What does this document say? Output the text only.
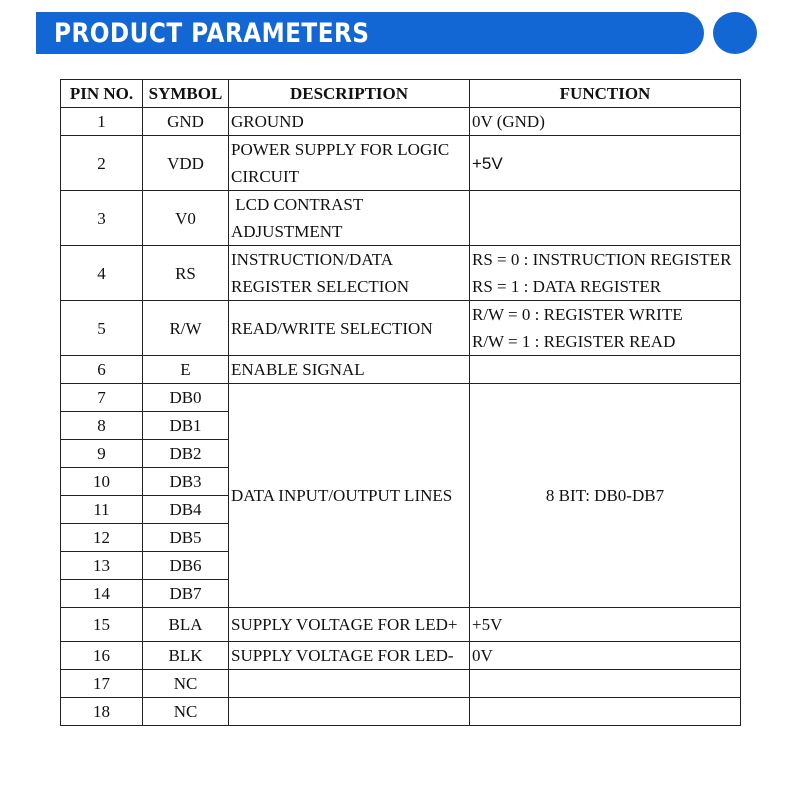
PRODUCT PARAMETERS
PIN NO.	SYMBOL	DESCRIPTION	FUNCTION
1	GND	GROUND	0V (GND)

2	VDD	POWER SUPPLY FOR LOGIC
CIRCUIT	+5V

3	V0	LCD CONTRAST
ADJUSTMENT	

4	RS	INSTRUCTION/DATA
REGISTER SELECTION	RS = 0 : INSTRUCTION REGISTER
RS = 1 : DATA REGISTER

5	R/W	READ/WRITE SELECTION	R/W = 0 : REGISTER WRITE
R/W = 1 : REGISTER READ

6	E	ENABLE SIGNAL	

7	DB0	DATA INPUT/OUTPUT LINES	8 BIT: DB0-DB7
8	DB1		
9	DB2		
10	DB3		
11	DB4		
12	DB5		
13	DB6		
14	DB7		
15	BLA	SUPPLY VOLTAGE FOR LED+	+5V

16	BLK	SUPPLY VOLTAGE FOR LED-	0V

17	NC		
18	NC		
